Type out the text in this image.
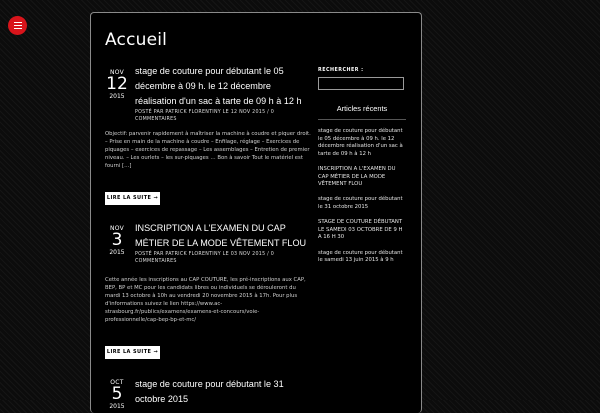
Accueil
NOV
12
2015
stage de couture pour débutant le 05 décembre à 09 h. le 12 décembre réalisation d'un sac à tarte de 09 h à 12 h
POSTÉ PAR PATRICK FLORENTINY LE 12 NOV 2015 / 0 COMMENTAIRES
Objectif: parvenir rapidement à maîtriser la machine à coudre et piquer droit. – Prise en main de la machine à coudre – Enfilage, réglage – Exercices de piquages – exercices de repassage – Les assemblages – Entretien de premier niveau. – Les ourlets – les sur-piquages … Bon à savoir Tout le matériel est fourni […]
LIRE LA SUITE →
NOV
3
2015
INSCRIPTION A L'EXAMEN DU CAP MÉTIER DE LA MODE VÊTEMENT FLOU
POSTÉ PAR PATRICK FLORENTINY LE 03 NOV 2015 / 0 COMMENTAIRES
Cette année les inscriptions au CAP COUTURE, les pré-inscriptions aux CAP, BEP, BP et MC pour les candidats libres ou individuels se dérouleront du mardi 13 octobre à 10h au vendredi 20 novembre 2015 à 17h. Pour plus d'informations suivez le lien https://www.ac-strasbourg.fr/publics/examens/examens-et-concours/voie-professionnelle/cap-bep-bp-et-mc/
LIRE LA SUITE →
OCT
5
2015
stage de couture pour débutant le 31 octobre 2015
RECHERCHER :
Articles récents
stage de couture pour débutant le 05 décembre à 09 h. le 12 décembre réalisation d'un sac à tarte de 09 h à 12 h
INSCRIPTION A L'EXAMEN DU CAP MÉTIER DE LA MODE VÊTEMENT FLOU
stage de couture pour débutant le 31 octobre 2015
STAGE DE COUTURE DÉBUTANT LE SAMEDI 03 OCTOBRE DE 9 H A 16 H 30
stage de couture pour débutant le samedi 13 juin 2015 à 9 h
